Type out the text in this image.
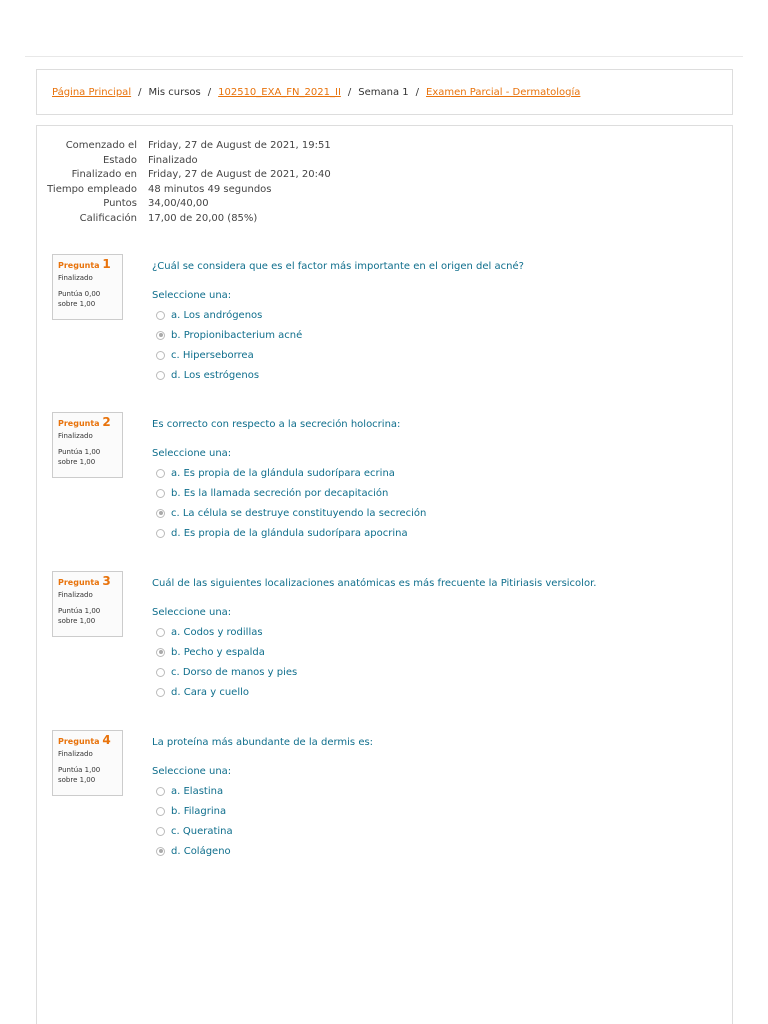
Página Principal / Mis cursos / 102510_EXA_FN_2021_II / Semana 1 / Examen Parcial - Dermatología
Comenzado el	Friday, 27 de August de 2021, 19:51
Estado	Finalizado
Finalizado en	Friday, 27 de August de 2021, 20:40
Tiempo empleado	48 minutos 49 segundos
Puntos	34,00/40,00
Calificación	17,00 de 20,00 (85%)
Pregunta 1
Finalizado
Puntúa 0,00 sobre 1,00
¿Cuál se considera que es el factor más importante en el origen del acné?
Seleccione una:
a. Los andrógenos
b. Propionibacterium acné
c. Hiperseborrea
d. Los estrógenos
Pregunta 2
Finalizado
Puntúa 1,00 sobre 1,00
Es correcto con respecto a la secreción holocrina:
Seleccione una:
a. Es propia de la glándula sudorípara ecrina
b. Es la llamada secreción por decapitación
c. La célula se destruye constituyendo la secreción
d. Es propia de la glándula sudorípara apocrina
Pregunta 3
Finalizado
Puntúa 1,00 sobre 1,00
Cuál de las siguientes localizaciones anatómicas es más frecuente la Pitiriasis versicolor.
Seleccione una:
a. Codos y rodillas
b. Pecho y espalda
c. Dorso de manos y pies
d. Cara y cuello
Pregunta 4
Finalizado
Puntúa 1,00 sobre 1,00
La proteína más abundante de la dermis es:
Seleccione una:
a. Elastina
b. Filagrina
c. Queratina
d. Colágeno
